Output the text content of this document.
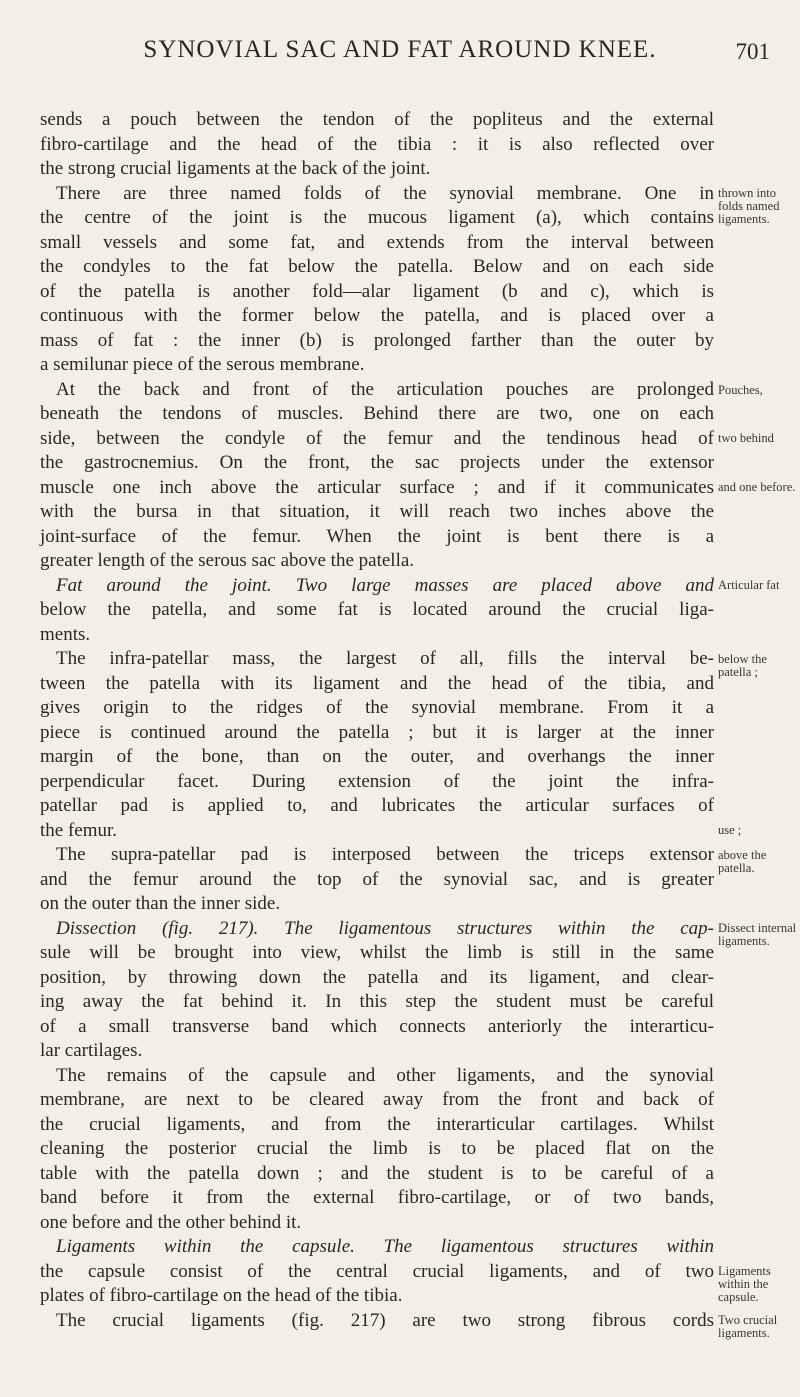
SYNOVIAL SAC AND FAT AROUND KNEE.	701
sends a pouch between the tendon of the popliteus and the external
fibro-cartilage and the head of the tibia : it is also reflected over
the strong crucial ligaments at the back of the joint.
There are three named folds of the synovial membrane. One in
the centre of the joint is the mucous ligament (a), which contains
small vessels and some fat, and extends from the interval between
the condyles to the fat below the patella. Below and on each side
of the patella is another fold—alar ligament (b and c), which is
continuous with the former below the patella, and is placed over a
mass of fat : the inner (b) is prolonged farther than the outer by
a semilunar piece of the serous membrane.
At the back and front of the articulation pouches are prolonged
beneath the tendons of muscles. Behind there are two, one on each
side, between the condyle of the femur and the tendinous head of
the gastrocnemius. On the front, the sac projects under the extensor
muscle one inch above the articular surface ; and if it communicates
with the bursa in that situation, it will reach two inches above the
joint-surface of the femur. When the joint is bent there is a
greater length of the serous sac above the patella.
Fat around the joint. Two large masses are placed above and
below the patella, and some fat is located around the crucial liga-
ments.
The infra-patellar mass, the largest of all, fills the interval be-
tween the patella with its ligament and the head of the tibia, and
gives origin to the ridges of the synovial membrane. From it a
piece is continued around the patella ; but it is larger at the inner
margin of the bone, than on the outer, and overhangs the inner
perpendicular facet. During extension of the joint the infra-
patellar pad is applied to, and lubricates the articular surfaces of
the femur.
The supra-patellar pad is interposed between the triceps extensor
and the femur around the top of the synovial sac, and is greater
on the outer than the inner side.
Dissection (fig. 217). The ligamentous structures within the cap-
sule will be brought into view, whilst the limb is still in the same
position, by throwing down the patella and its ligament, and clear-
ing away the fat behind it. In this step the student must be careful
of a small transverse band which connects anteriorly the interarticu-
lar cartilages.
The remains of the capsule and other ligaments, and the synovial
membrane, are next to be cleared away from the front and back of
the crucial ligaments, and from the interarticular cartilages. Whilst
cleaning the posterior crucial the limb is to be placed flat on the
table with the patella down ; and the student is to be careful of a
band before it from the external fibro-cartilage, or of two bands,
one before and the other behind it.
Ligaments within the capsule. The ligamentous structures within
the capsule consist of the central crucial ligaments, and of two
plates of fibro-cartilage on the head of the tibia.
The crucial ligaments (fig. 217) are two strong fibrous cords
thrown into folds named ligaments.
Pouches,
two behind
and one before.
Articular fat
below the patella ;
use ;
above the patella.
Dissect internal ligaments.
Ligaments within the capsule.
Two crucial ligaments.
